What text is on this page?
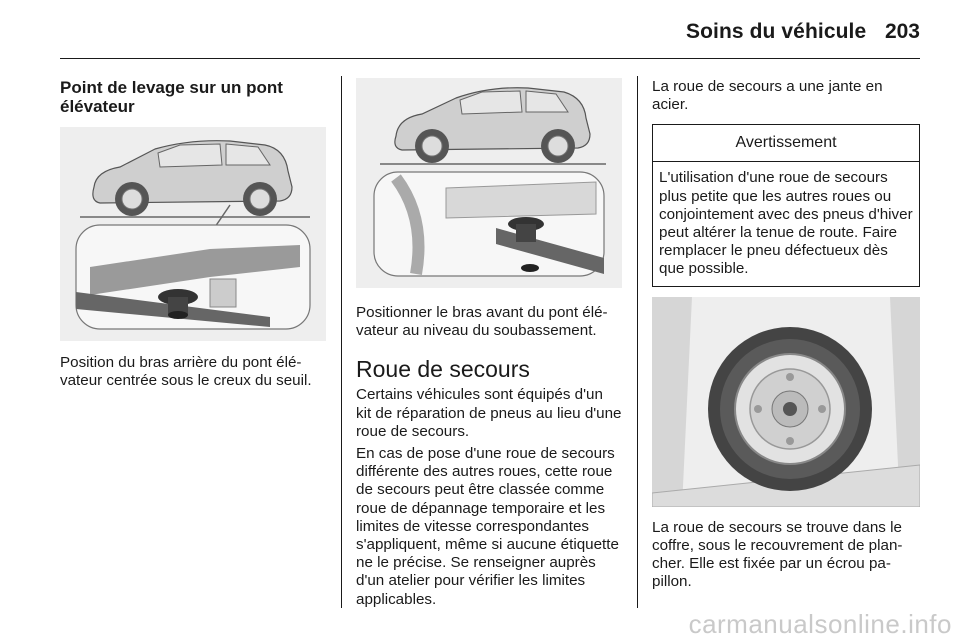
Soins du véhicule 203
Point de levage sur un pont élévateur

Position du bras arrière du pont élévateur centrée sous le creux du seuil.

Positionner le bras avant du pont élévateur au niveau du soubassement.

Roue de secours

Certains véhicules sont équipés d'un kit de réparation de pneus au lieu d'une roue de secours.

En cas de pose d'une roue de secours différente des autres roues, cette roue de secours peut être classée comme roue de dépannage temporaire et les limites de vitesse correspondantes s'appliquent, même si aucune étiquette ne le précise. Se renseigner auprès d'un atelier pour vérifier les limites applicables.

La roue de secours a une jante en acier.

Avertissement
L'utilisation d'une roue de secours plus petite que les autres roues ou conjointement avec des pneus d'hiver peut altérer la tenue de route. Faire remplacer le pneu défectueux dès que possible.

La roue de secours se trouve dans le coffre, sous le recouvrement de plancher. Elle est fixée par un écrou papillon.

carmanualsonline.info
